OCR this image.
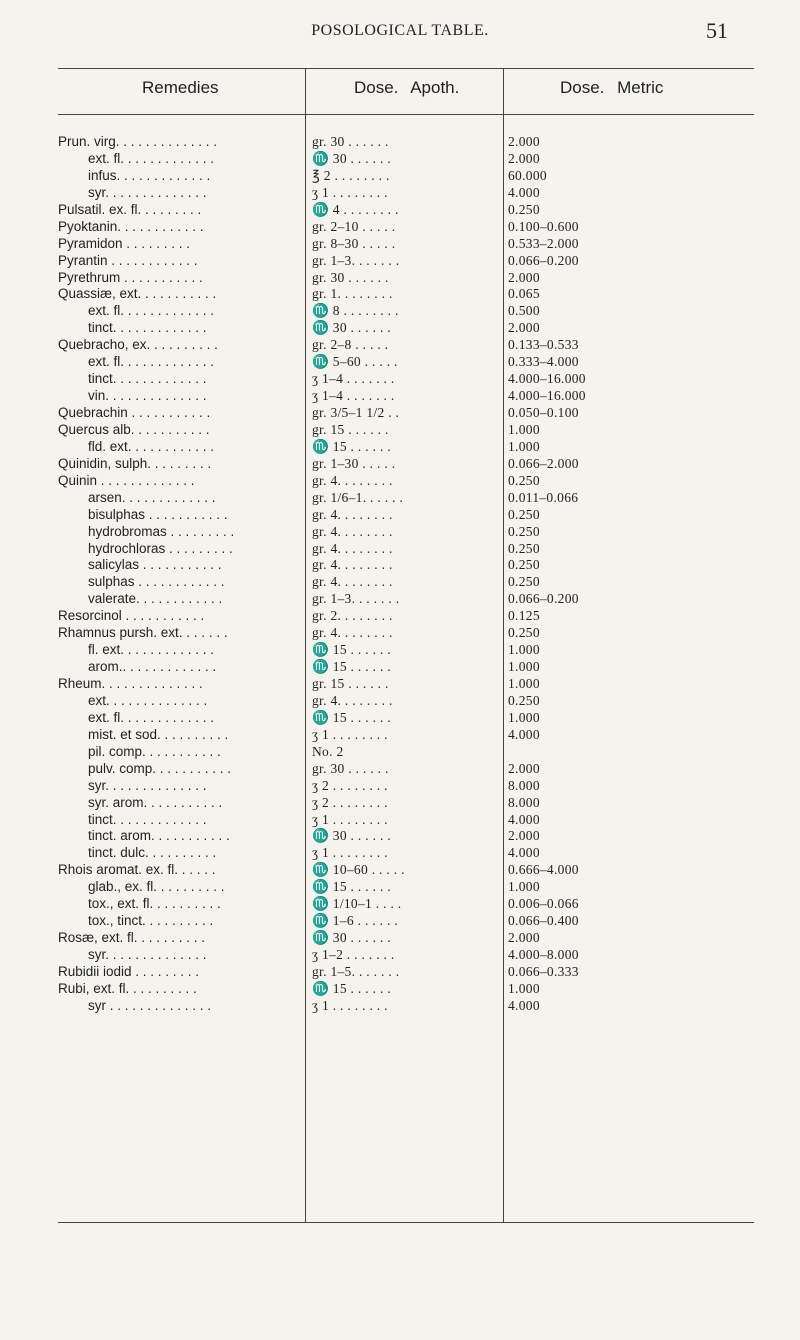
POSOLOGICAL TABLE.	51
Remedies	Dose. Apoth.	Dose. Metric
Prun. virg. . . . . . . . . . . . . .	gr. 30 . . . . . .	2.000
ext. fl. . . . . . . . . . . . .	♏ 30 . . . . . .	2.000
infus. . . . . . . . . . . . .	℥ 2 . . . . . . . .	60.000
syr. . . . . . . . . . . . . .	ʒ 1 . . . . . . . .	4.000
Pulsatil. ex. fl. . . . . . . . .	♏ 4 . . . . . . . .	0.250
Pyoktanin. . . . . . . . . . . .	gr. 2–10 . . . . .	0.100–0.600
Pyramidon . . . . . . . . .	gr. 8–30 . . . . .	0.533–2.000
Pyrantin . . . . . . . . . . . .	gr. 1–3. . . . . . .	0.066–0.200
Pyrethrum . . . . . . . . . . .	gr. 30 . . . . . .	2.000
Quassiæ, ext. . . . . . . . . . .	gr. 1. . . . . . . .	0.065
ext. fl. . . . . . . . . . . . .	♏ 8 . . . . . . . .	0.500
tinct. . . . . . . . . . . . .	♏ 30 . . . . . .	2.000
Quebracho, ex. . . . . . . . . .	gr. 2–8 . . . . .	0.133–0.533
ext. fl. . . . . . . . . . . . .	♏ 5–60 . . . . .	0.333–4.000
tinct. . . . . . . . . . . . .	ʒ 1–4 . . . . . . .	4.000–16.000
vin. . . . . . . . . . . . . .	ʒ 1–4 . . . . . . .	4.000–16.000
Quebrachin . . . . . . . . . . .	gr. 3/5–1 1/2 . .	0.050–0.100
Quercus alb. . . . . . . . . . .	gr. 15 . . . . . .	1.000
fld. ext. . . . . . . . . . . .	♏ 15 . . . . . .	1.000
Quinidin, sulph. . . . . . . . .	gr. 1–30 . . . . .	0.066–2.000
Quinin . . . . . . . . . . . . .	gr. 4. . . . . . . .	0.250
arsen. . . . . . . . . . . . .	gr. 1/6–1. . . . . .	0.011–0.066
bisulphas . . . . . . . . . . .	gr. 4. . . . . . . .	0.250
hydrobromas . . . . . . . . .	gr. 4. . . . . . . .	0.250
hydrochloras . . . . . . . . .	gr. 4. . . . . . . .	0.250
salicylas . . . . . . . . . . .	gr. 4. . . . . . . .	0.250
sulphas . . . . . . . . . . . .	gr. 4. . . . . . . .	0.250
valerate. . . . . . . . . . . .	gr. 1–3. . . . . . .	0.066–0.200
Resorcinol . . . . . . . . . . .	gr. 2. . . . . . . .	0.125
Rhamnus pursh. ext. . . . . . .	gr. 4. . . . . . . .	0.250
fl. ext. . . . . . . . . . . . .	♏ 15 . . . . . .	1.000
arom.. . . . . . . . . . . . .	♏ 15 . . . . . .	1.000
Rheum. . . . . . . . . . . . . .	gr. 15 . . . . . .	1.000
ext. . . . . . . . . . . . . .	gr. 4. . . . . . . .	0.250
ext. fl. . . . . . . . . . . . .	♏ 15 . . . . . .	1.000
mist. et sod. . . . . . . . . .	ʒ 1 . . . . . . . .	4.000
pil. comp. . . . . . . . . . .	No. 2
pulv. comp. . . . . . . . . . .	gr. 30 . . . . . .	2.000
syr. . . . . . . . . . . . . .	ʒ 2 . . . . . . . .	8.000
syr. arom. . . . . . . . . . .	ʒ 2 . . . . . . . .	8.000
tinct. . . . . . . . . . . . .	ʒ 1 . . . . . . . .	4.000
tinct. arom. . . . . . . . . . .	♏ 30 . . . . . .	2.000
tinct. dulc. . . . . . . . . .	ʒ 1 . . . . . . . .	4.000
Rhois aromat. ex. fl. . . . . .	♏ 10–60 . . . . .	0.666–4.000
glab., ex. fl. . . . . . . . . .	♏ 15 . . . . . .	1.000
tox., ext. fl. . . . . . . . . .	♏ 1/10–1 . . . .	0.006–0.066
tox., tinct. . . . . . . . . .	♏ 1–6 . . . . . .	0.066–0.400
Rosæ, ext. fl. . . . . . . . . .	♏ 30 . . . . . .	2.000
syr. . . . . . . . . . . . . .	ʒ 1–2 . . . . . . .	4.000–8.000
Rubidii iodid . . . . . . . . .	gr. 1–5. . . . . . .	0.066–0.333
Rubi, ext. fl. . . . . . . . . .	♏ 15 . . . . . .	1.000
syr . . . . . . . . . . . . . .	ʒ 1 . . . . . . . .	4.000
